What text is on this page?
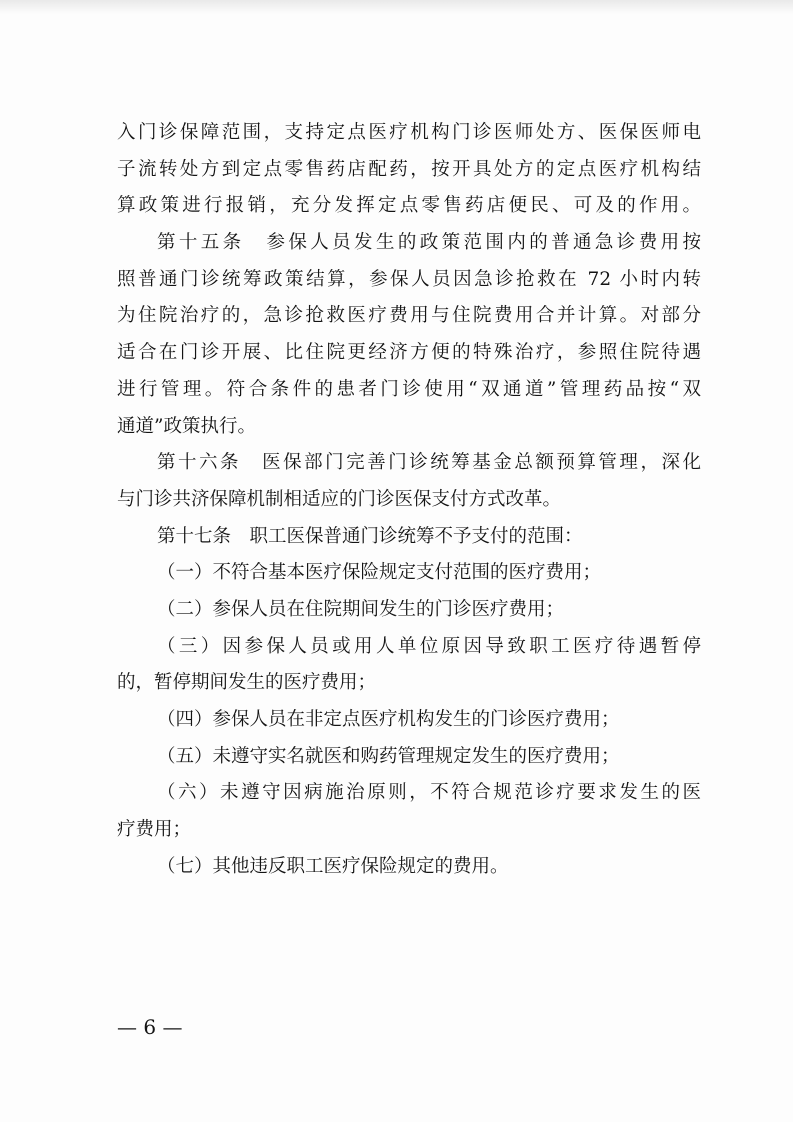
入门诊保障范围，支持定点医疗机构门诊医师处方、医保医师电
子流转处方到定点零售药店配药，按开具处方的定点医疗机构结
算政策进行报销，充分发挥定点零售药店便民、可及的作用。
第十五条　参保人员发生的政策范围内的普通急诊费用按
照普通门诊统筹政策结算，参保人员因急诊抢救在 72 小时内转
为住院治疗的，急诊抢救医疗费用与住院费用合并计算。对部分
适合在门诊开展、比住院更经济方便的特殊治疗，参照住院待遇
进行管理。符合条件的患者门诊使用“双通道”管理药品按“双
通道”政策执行。
第十六条　医保部门完善门诊统筹基金总额预算管理，深化
与门诊共济保障机制相适应的门诊医保支付方式改革。
第十七条　职工医保普通门诊统筹不予支付的范围：
（一）不符合基本医疗保险规定支付范围的医疗费用；
（二）参保人员在住院期间发生的门诊医疗费用；
（三）因参保人员或用人单位原因导致职工医疗待遇暂停
的，暂停期间发生的医疗费用；
（四）参保人员在非定点医疗机构发生的门诊医疗费用；
（五）未遵守实名就医和购药管理规定发生的医疗费用；
（六）未遵守因病施治原则，不符合规范诊疗要求发生的医
疗费用；
（七）其他违反职工医疗保险规定的费用。
— 6 —
